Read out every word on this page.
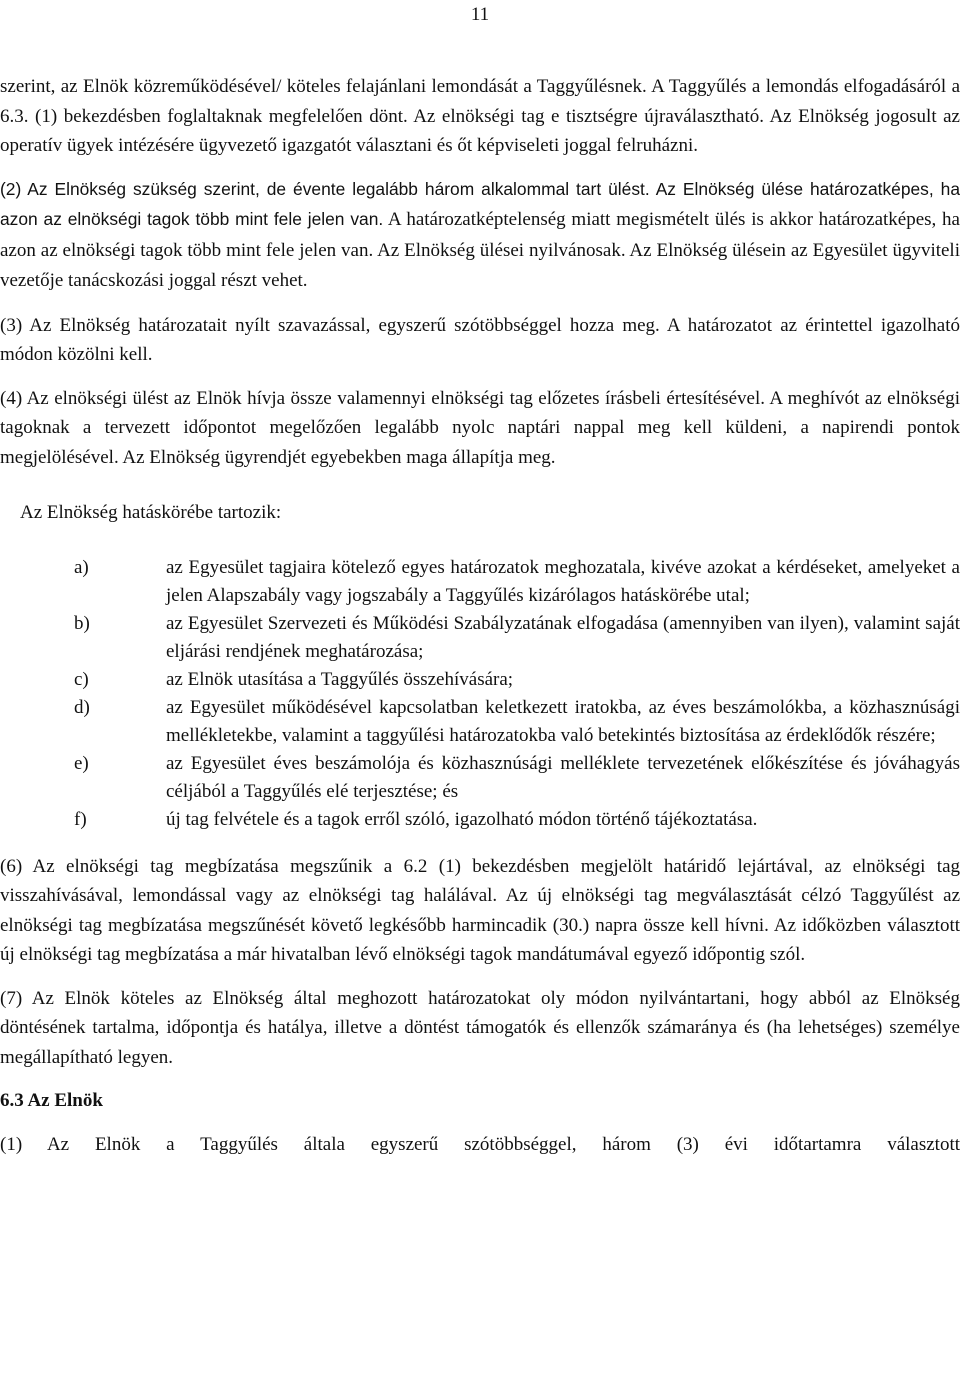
11

szerint, az Elnök közreműködésével/ köteles felajánlani lemondását a Taggyűlésnek. A Taggyűlés a lemondás elfogadásáról a 6.3. (1) bekezdésben foglaltaknak megfelelően dönt. Az elnökségi tag e tisztségre újraválasztható. Az Elnökség jogosult az operatív ügyek intézésére ügyvezető igazgatót választani és őt képviseleti joggal felruházni.

(2) Az Elnökség szükség szerint, de évente legalább három alkalommal tart ülést. Az Elnökség ülése határozatképes, ha azon az elnökségi tagok több mint fele jelen van. A határozatképtelenség miatt megismételt ülés is akkor határozatképes, ha azon az elnökségi tagok több mint fele jelen van. Az Elnökség ülései nyilvánosak. Az Elnökség ülésein az Egyesület ügyviteli vezetője tanácskozási joggal részt vehet.

(3) Az Elnökség határozatait nyílt szavazással, egyszerű szótöbbséggel hozza meg. A határozatot az érintettel igazolható módon közölni kell.

(4) Az elnökségi ülést az Elnök hívja össze valamennyi elnökségi tag előzetes írásbeli értesítésével. A meghívót az elnökségi tagoknak a tervezett időpontot megelőzően legalább nyolc naptári nappal meg kell küldeni, a napirendi pontok megjelölésével. Az Elnökség ügyrendjét egyebekben maga állapítja meg.

Az Elnökség hatáskörébe tartozik:

a)	az Egyesület tagjaira kötelező egyes határozatok meghozatala, kivéve azokat a kérdéseket, amelyeket a jelen Alapszabály vagy jogszabály a Taggyűlés kizárólagos hatáskörébe utal;
b)	az Egyesület Szervezeti és Működési Szabályzatának elfogadása (amennyiben van ilyen), valamint saját eljárási rendjének meghatározása;
c)	az Elnök utasítása a Taggyűlés összehívására;
d)	az Egyesület működésével kapcsolatban keletkezett iratokba, az éves beszámolókba, a közhasznúsági mellékletekbe, valamint a taggyűlési határozatokba való betekintés biztosítása az érdeklődők részére;
e)	az Egyesület éves beszámolója és közhasznúsági melléklete tervezetének előkészítése és jóváhagyás céljából a Taggyűlés elé terjesztése; és
f)	új tag felvétele és a tagok erről szóló, igazolható módon történő tájékoztatása.

(6) Az elnökségi tag megbízatása megszűnik a 6.2 (1) bekezdésben megjelölt határidő lejártával, az elnökségi tag visszahívásával, lemondással vagy az elnökségi tag halálával. Az új elnökségi tag megválasztását célzó Taggyűlést az elnökségi tag megbízatása megszűnését követő legkésőbb harmincadik (30.) napra össze kell hívni. Az időközben választott új elnökségi tag megbízatása a már hivatalban lévő elnökségi tagok mandátumával egyező időpontig szól.

(7) Az Elnök köteles az Elnökség által meghozott határozatokat oly módon nyilvántartani, hogy abból az Elnökség döntésének tartalma, időpontja és hatálya, illetve a döntést támogatók és ellenzők számaránya és (ha lehetséges) személye megállapítható legyen.

6.3 Az Elnök

(1) Az Elnök a Taggyűlés általa egyszerű szótöbbséggel, három (3) évi időtartamra választott
